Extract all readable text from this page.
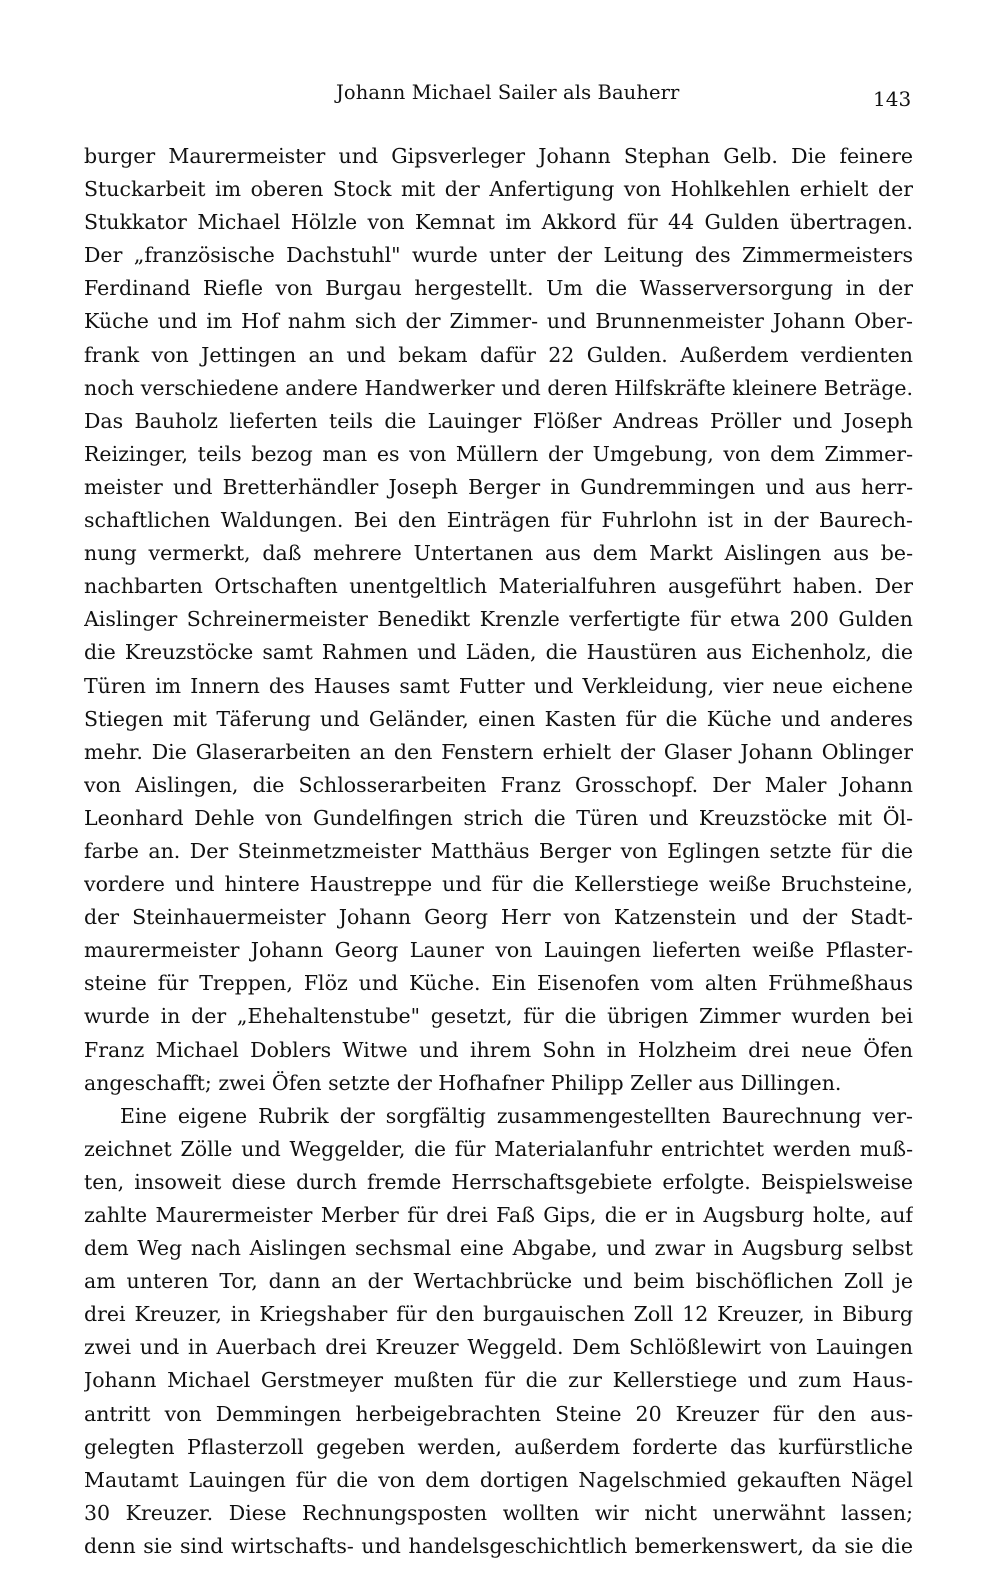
Johann Michael Sailer als Bauherr	143
burger Maurermeister und Gipsverleger Johann Stephan Gelb. Die feinere
Stuckarbeit im oberen Stock mit der Anfertigung von Hohlkehlen erhielt der
Stukkator Michael Hölzle von Kemnat im Akkord für 44 Gulden übertragen.
Der „französische Dachstuhl" wurde unter der Leitung des Zimmermeisters
Ferdinand Riefle von Burgau hergestellt. Um die Wasserversorgung in der
Küche und im Hof nahm sich der Zimmer- und Brunnenmeister Johann Ober-
frank von Jettingen an und bekam dafür 22 Gulden. Außerdem verdienten
noch verschiedene andere Handwerker und deren Hilfskräfte kleinere Beträge.
Das Bauholz lieferten teils die Lauinger Flößer Andreas Pröller und Joseph
Reizinger, teils bezog man es von Müllern der Umgebung, von dem Zimmer-
meister und Bretterhändler Joseph Berger in Gundremmingen und aus herr-
schaftlichen Waldungen. Bei den Einträgen für Fuhrlohn ist in der Baurech-
nung vermerkt, daß mehrere Untertanen aus dem Markt Aislingen aus be-
nachbarten Ortschaften unentgeltlich Materialfuhren ausgeführt haben. Der
Aislinger Schreinermeister Benedikt Krenzle verfertigte für etwa 200 Gulden
die Kreuzstöcke samt Rahmen und Läden, die Haustüren aus Eichenholz, die
Türen im Innern des Hauses samt Futter und Verkleidung, vier neue eichene
Stiegen mit Täferung und Geländer, einen Kasten für die Küche und anderes
mehr. Die Glaserarbeiten an den Fenstern erhielt der Glaser Johann Oblinger
von Aislingen, die Schlosserarbeiten Franz Grosschopf. Der Maler Johann
Leonhard Dehle von Gundelfingen strich die Türen und Kreuzstöcke mit Öl-
farbe an. Der Steinmetzmeister Matthäus Berger von Eglingen setzte für die
vordere und hintere Haustreppe und für die Kellerstiege weiße Bruchsteine,
der Steinhauermeister Johann Georg Herr von Katzenstein und der Stadt-
maurermeister Johann Georg Launer von Lauingen lieferten weiße Pflaster-
steine für Treppen, Flöz und Küche. Ein Eisenofen vom alten Frühmeßhaus
wurde in der „Ehehaltenstube" gesetzt, für die übrigen Zimmer wurden bei
Franz Michael Doblers Witwe und ihrem Sohn in Holzheim drei neue Öfen
angeschafft; zwei Öfen setzte der Hofhafner Philipp Zeller aus Dillingen.
Eine eigene Rubrik der sorgfältig zusammengestellten Baurechnung ver-
zeichnet Zölle und Weggelder, die für Materialanfuhr entrichtet werden muß-
ten, insoweit diese durch fremde Herrschaftsgebiete erfolgte. Beispielsweise
zahlte Maurermeister Merber für drei Faß Gips, die er in Augsburg holte, auf
dem Weg nach Aislingen sechsmal eine Abgabe, und zwar in Augsburg selbst
am unteren Tor, dann an der Wertachbrücke und beim bischöflichen Zoll je
drei Kreuzer, in Kriegshaber für den burgauischen Zoll 12 Kreuzer, in Biburg
zwei und in Auerbach drei Kreuzer Weggeld. Dem Schlößlewirt von Lauingen
Johann Michael Gerstmeyer mußten für die zur Kellerstiege und zum Haus-
antritt von Demmingen herbeigebrachten Steine 20 Kreuzer für den aus-
gelegten Pflasterzoll gegeben werden, außerdem forderte das kurfürstliche
Mautamt Lauingen für die von dem dortigen Nagelschmied gekauften Nägel
30 Kreuzer. Diese Rechnungsposten wollten wir nicht unerwähnt lassen;
denn sie sind wirtschafts- und handelsgeschichtlich bemerkenswert, da sie die
